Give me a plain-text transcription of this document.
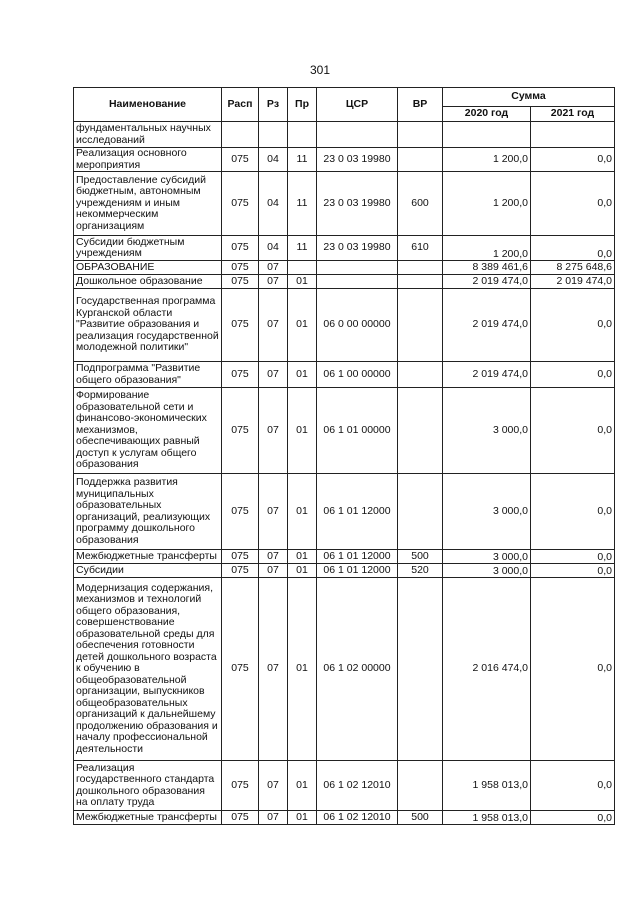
301
Наименование	Расп	Рз	Пр	ЦСР	ВР	Сумма	
						2020 год	2021 год
фундаментальных научных исследований							
Реализация основного мероприятия	075	04	11	23 0 03 19980		1 200,0	0,0
Предоставление субсидий бюджетным, автономным учреждениям и иным некоммерческим организациям	075	04	11	23 0 03 19980	600	1 200,0	0,0
Субсидии бюджетным учреждениям	075	04	11	23 0 03 19980	610	1 200,0	0,0
ОБРАЗОВАНИЕ	075	07				8 389 461,6	8 275 648,6
Дошкольное образование	075	07	01			2 019 474,0	2 019 474,0
Государственная программа Курганской области "Развитие образования и реализация государственной молодежной политики"	075	07	01	06 0 00 00000		2 019 474,0	0,0
Подпрограмма "Развитие общего образования"	075	07	01	06 1 00 00000		2 019 474,0	0,0
Формирование образовательной сети и финансово-экономических механизмов, обеспечивающих равный доступ к услугам общего образования	075	07	01	06 1 01 00000		3 000,0	0,0
Поддержка развития муниципальных образовательных организаций, реализующих программу дошкольного образования	075	07	01	06 1 01 12000		3 000,0	0,0
Межбюджетные трансферты	075	07	01	06 1 01 12000	500	3 000,0	0,0
Субсидии	075	07	01	06 1 01 12000	520	3 000,0	0,0
Модернизация содержания, механизмов и технологий общего образования, совершенствование образовательной среды для обеспечения готовности детей дошкольного возраста к обучению в общеобразовательной организации, выпускников общеобразовательных организаций к дальнейшему продолжению образования и началу профессиональной деятельности	075	07	01	06 1 02 00000		2 016 474,0	0,0
Реализация государственного стандарта дошкольного образования на оплату труда	075	07	01	06 1 02 12010		1 958 013,0	0,0
Межбюджетные трансферты	075	07	01	06 1 02 12010	500	1 958 013,0	0,0
